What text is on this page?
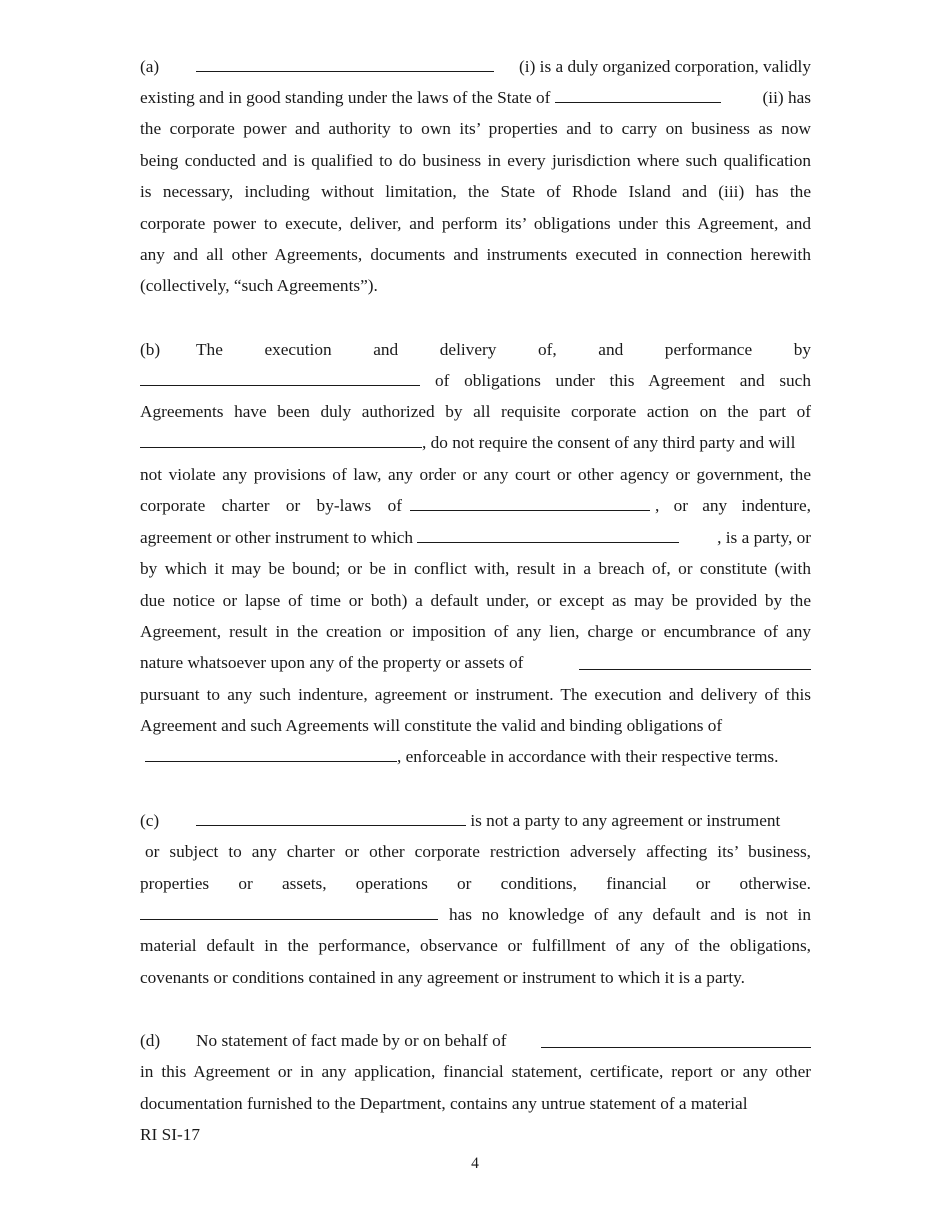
(a)	(i) is a duly organized corporation, validly
existing and in good standing under the laws of the State of	(ii) has
the corporate power and authority to own its’ properties and to carry on business as now
being conducted and is qualified to do business in every jurisdiction where such qualification
is necessary, including without limitation, the State of Rhode Island and (iii) has the
corporate power to execute, deliver, and perform its’ obligations under this Agreement, and
any and all other Agreements, documents and instruments executed in connection herewith
(collectively, “such Agreements”).
(b) The execution and delivery of, and performance by
of obligations under this Agreement and such
Agreements have been duly authorized by all requisite corporate action on the part of
, do not require the consent of any third party and will
not violate any provisions of law, any order or any court or other agency or government, the
corporate charter or by-laws of	, or any indenture,
agreement or other instrument to which	, is a party, or
by which it may be bound; or be in conflict with, result in a breach of, or constitute (with
due notice or lapse of time or both) a default under, or except as may be provided by the
Agreement, result in the creation or imposition of any lien, charge or encumbrance of any
nature whatsoever upon any of the property or assets of
pursuant to any such indenture, agreement or instrument. The execution and delivery of this
Agreement and such Agreements will constitute the valid and binding obligations of
, enforceable in accordance with their respective terms.
(c)	is not a party to any agreement or instrument
or subject to any charter or other corporate restriction adversely affecting its’ business,
properties or assets, operations or conditions, financial or otherwise.
has no knowledge of any default and is not in
material default in the performance, observance or fulfillment of any of the obligations,
covenants or conditions contained in any agreement or instrument to which it is a party.
(d) No statement of fact made by or on behalf of
in this Agreement or in any application, financial statement, certificate, report or any other
documentation furnished to the Department, contains any untrue statement of a material
RI SI-17
4
